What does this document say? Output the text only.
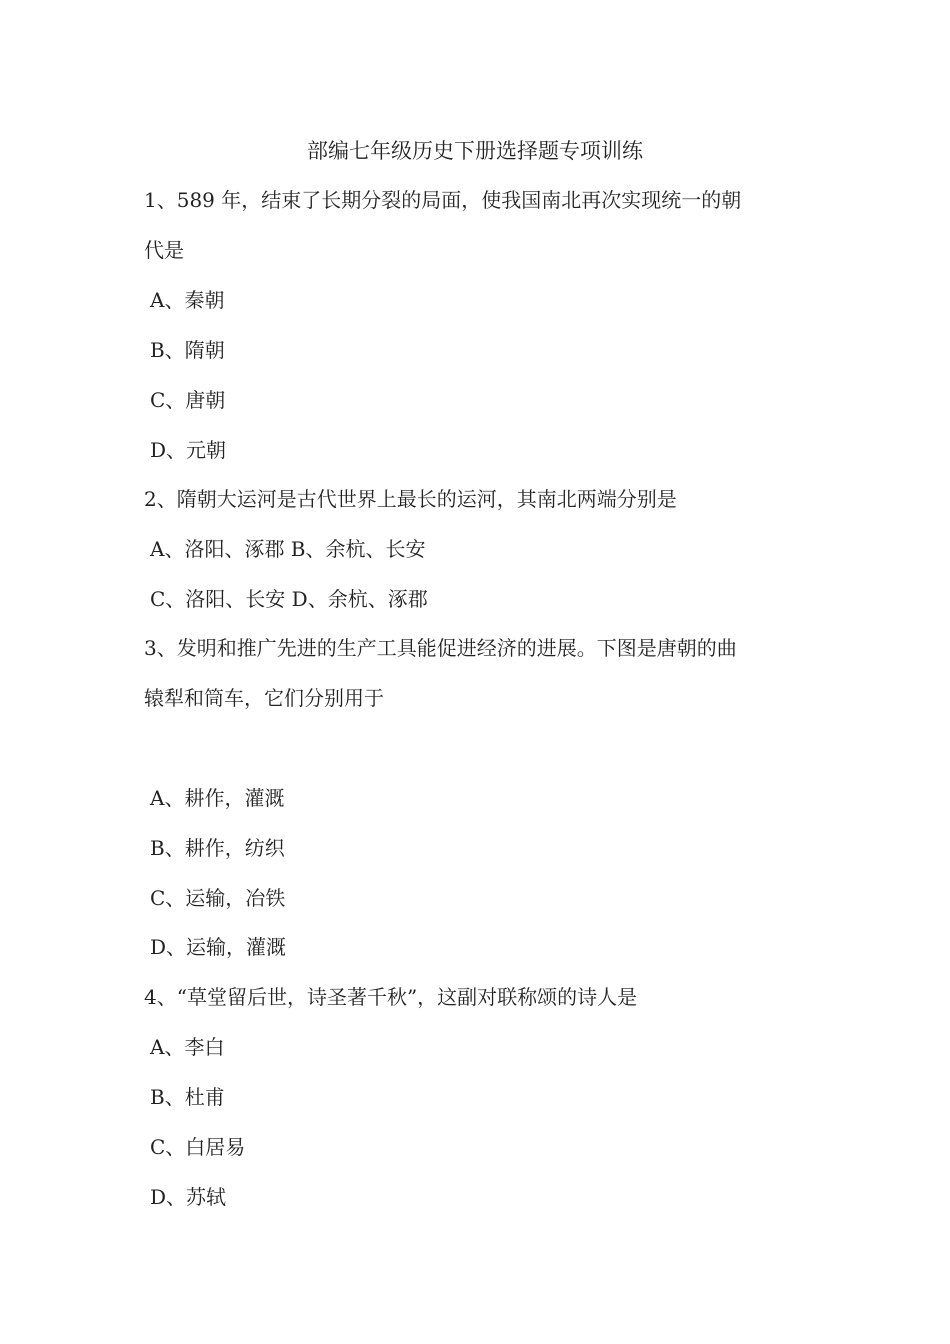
部编七年级历史下册选择题专项训练
1、589 年，结束了长期分裂的局面，使我国南北再次实现统一的朝
代是
A、秦朝
B、隋朝
C、唐朝
D、元朝
2、隋朝大运河是古代世界上最长的运河，其南北两端分别是
A、洛阳、涿郡 B、余杭、长安
C、洛阳、长安 D、余杭、涿郡
3、发明和推广先进的生产工具能促进经济的进展。下图是唐朝的曲
辕犁和筒车，它们分别用于
A、耕作，灌溉
B、耕作，纺织
C、运输，冶铁
D、运输，灌溉
4、“草堂留后世，诗圣著千秋”，这副对联称颂的诗人是
A、李白
B、杜甫
C、白居易
D、苏轼
